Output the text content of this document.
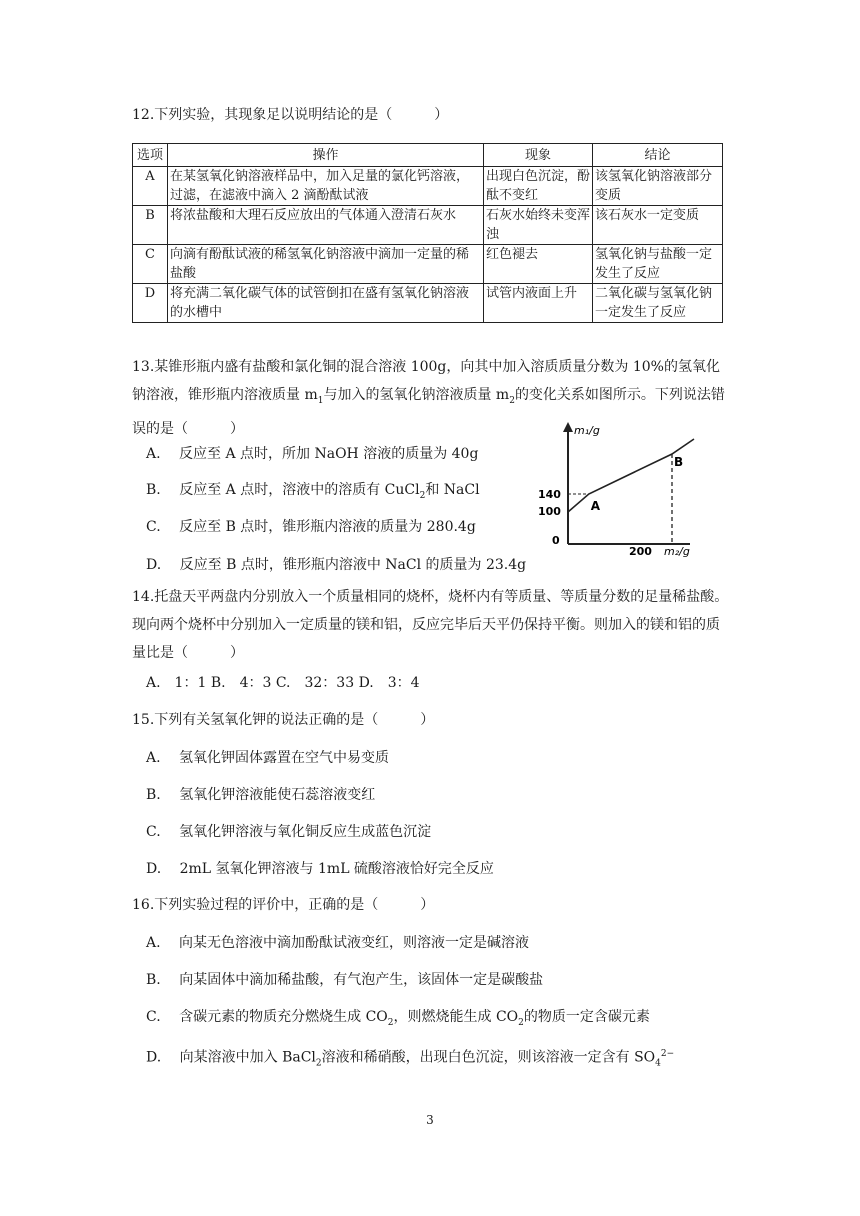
12.下列实验，其现象足以说明结论的是（　　　）
选项	操作	现象	结论
A	在某氢氧化钠溶液样品中，加入足量的氯化钙溶液，过滤，在滤液中滴入 2 滴酚酞试液	出现白色沉淀，酚酞不变红	该氢氧化钠溶液部分变质
B	将浓盐酸和大理石反应放出的气体通入澄清石灰水	石灰水始终未变浑浊	该石灰水一定变质
C	向滴有酚酞试液的稀氢氧化钠溶液中滴加一定量的稀盐酸	红色褪去	氢氧化钠与盐酸一定发生了反应
D	将充满二氧化碳气体的试管倒扣在盛有氢氧化钠溶液的水槽中	试管内液面上升	二氧化碳与氢氧化钠一定发生了反应
13.某锥形瓶内盛有盐酸和氯化铜的混合溶液 100g，向其中加入溶质质量分数为 10%的氢氧化钠溶液，锥形瓶内溶液质量 $m_1$与加入的氢氧化钠溶液质量 $m_2$的变化关系如图所示。下列说法错误的是（　　　）
A.　 反应至 A 点时，所加 NaOH 溶液的质量为 40g
B.　 反应至 A 点时，溶液中的溶质有 CuCl$_2$和 NaCl
C.　 反应至 B 点时，锥形瓶内溶液的质量为 280.4g
D.　 反应至 B 点时，锥形瓶内溶液中 NaCl 的质量为 23.4g
m₁/g
m₂/g
140
100
0
200
A
B
14.托盘天平两盘内分别放入一个质量相同的烧杯，烧杯内有等质量、等质量分数的足量稀盐酸。现向两个烧杯中分别加入一定质量的镁和铝，反应完毕后天平仍保持平衡。则加入的镁和铝的质量比是（　　　）
A.　1：1 B.　4：3 C.　32：33 D.　3：4
15.下列有关氢氧化钾的说法正确的是（　　　）
A.　 氢氧化钾固体露置在空气中易变质
B.　 氢氧化钾溶液能使石蕊溶液变红
C.　 氢氧化钾溶液与氧化铜反应生成蓝色沉淀
D.　 2mL 氢氧化钾溶液与 1mL 硫酸溶液恰好完全反应
16.下列实验过程的评价中，正确的是（　　　）
A.　 向某无色溶液中滴加酚酞试液变红，则溶液一定是碱溶液
B.　 向某固体中滴加稀盐酸，有气泡产生，该固体一定是碳酸盐
C.　 含碳元素的物质充分燃烧生成 $CO_2$，则燃烧能生成 $CO_2$的物质一定含碳元素
D.　 向某溶液中加入 BaCl$_2$溶液和稀硝酸，出现白色沉淀，则该溶液一定含有 $SO_4^{2-}$
3
